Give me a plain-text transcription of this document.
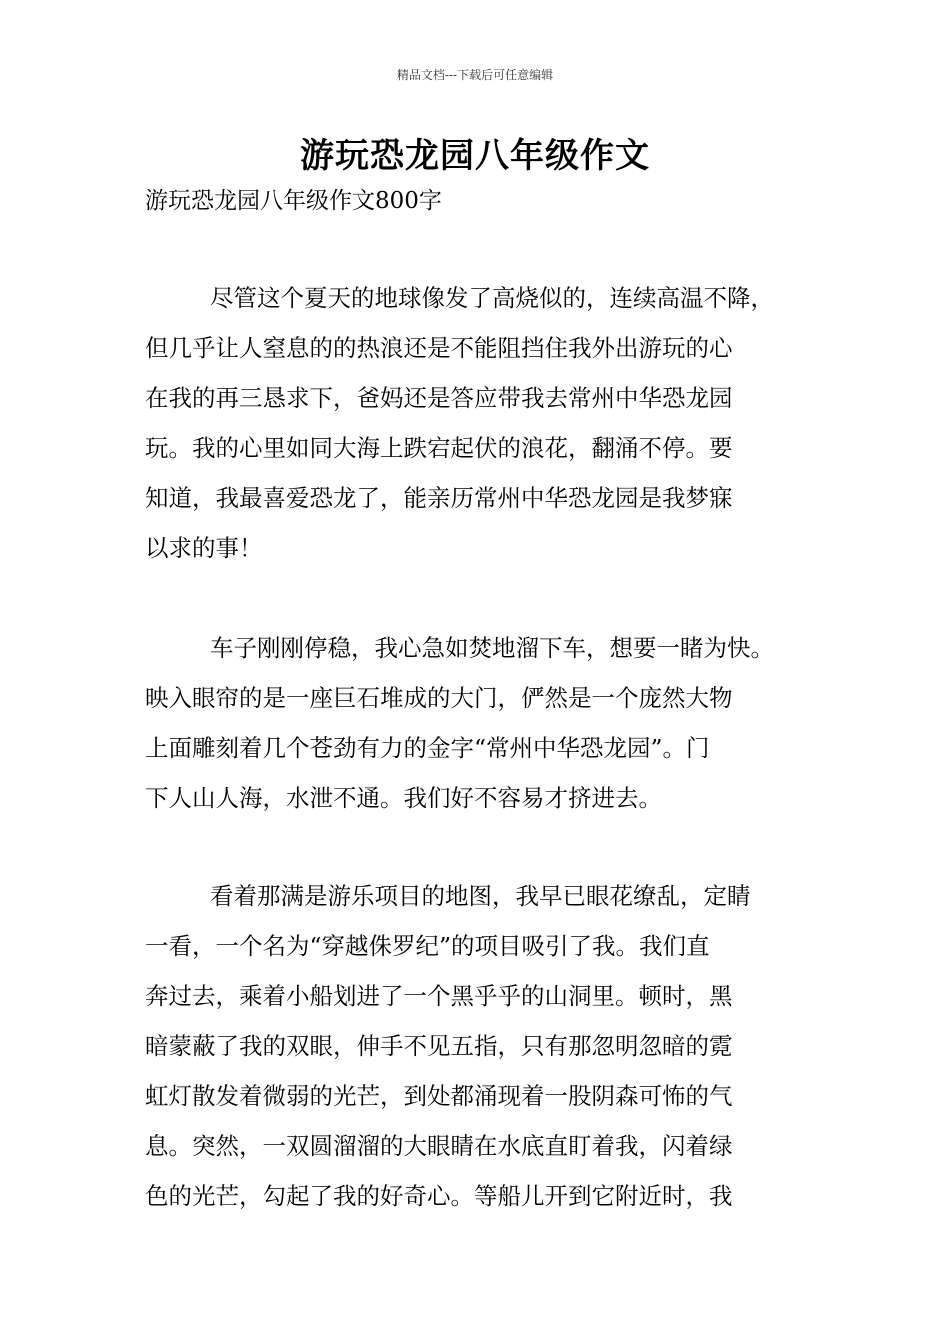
精品文档---下载后可任意编辑
游玩恐龙园八年级作文
游玩恐龙园八年级作文800字
尽管这个夏天的地球像发了高烧似的，连续高温不降，
但几乎让人窒息的的热浪还是不能阻挡住我外出游玩的心
在我的再三恳求下，爸妈还是答应带我去常州中华恐龙园
玩。我的心里如同大海上跌宕起伏的浪花，翻涌不停。要
知道，我最喜爱恐龙了，能亲历常州中华恐龙园是我梦寐
以求的事！
车子刚刚停稳，我心急如焚地溜下车，想要一睹为快。
映入眼帘的是一座巨石堆成的大门，俨然是一个庞然大物
上面雕刻着几个苍劲有力的金字“常州中华恐龙园”。门
下人山人海，水泄不通。我们好不容易才挤进去。
看着那满是游乐项目的地图，我早已眼花缭乱，定睛
一看，一个名为“穿越侏罗纪”的项目吸引了我。我们直
奔过去，乘着小船划进了一个黑乎乎的山洞里。顿时，黑
暗蒙蔽了我的双眼，伸手不见五指，只有那忽明忽暗的霓
虹灯散发着微弱的光芒，到处都涌现着一股阴森可怖的气
息。突然，一双圆溜溜的大眼睛在水底直盯着我，闪着绿
色的光芒，勾起了我的好奇心。等船儿开到它附近时，我
